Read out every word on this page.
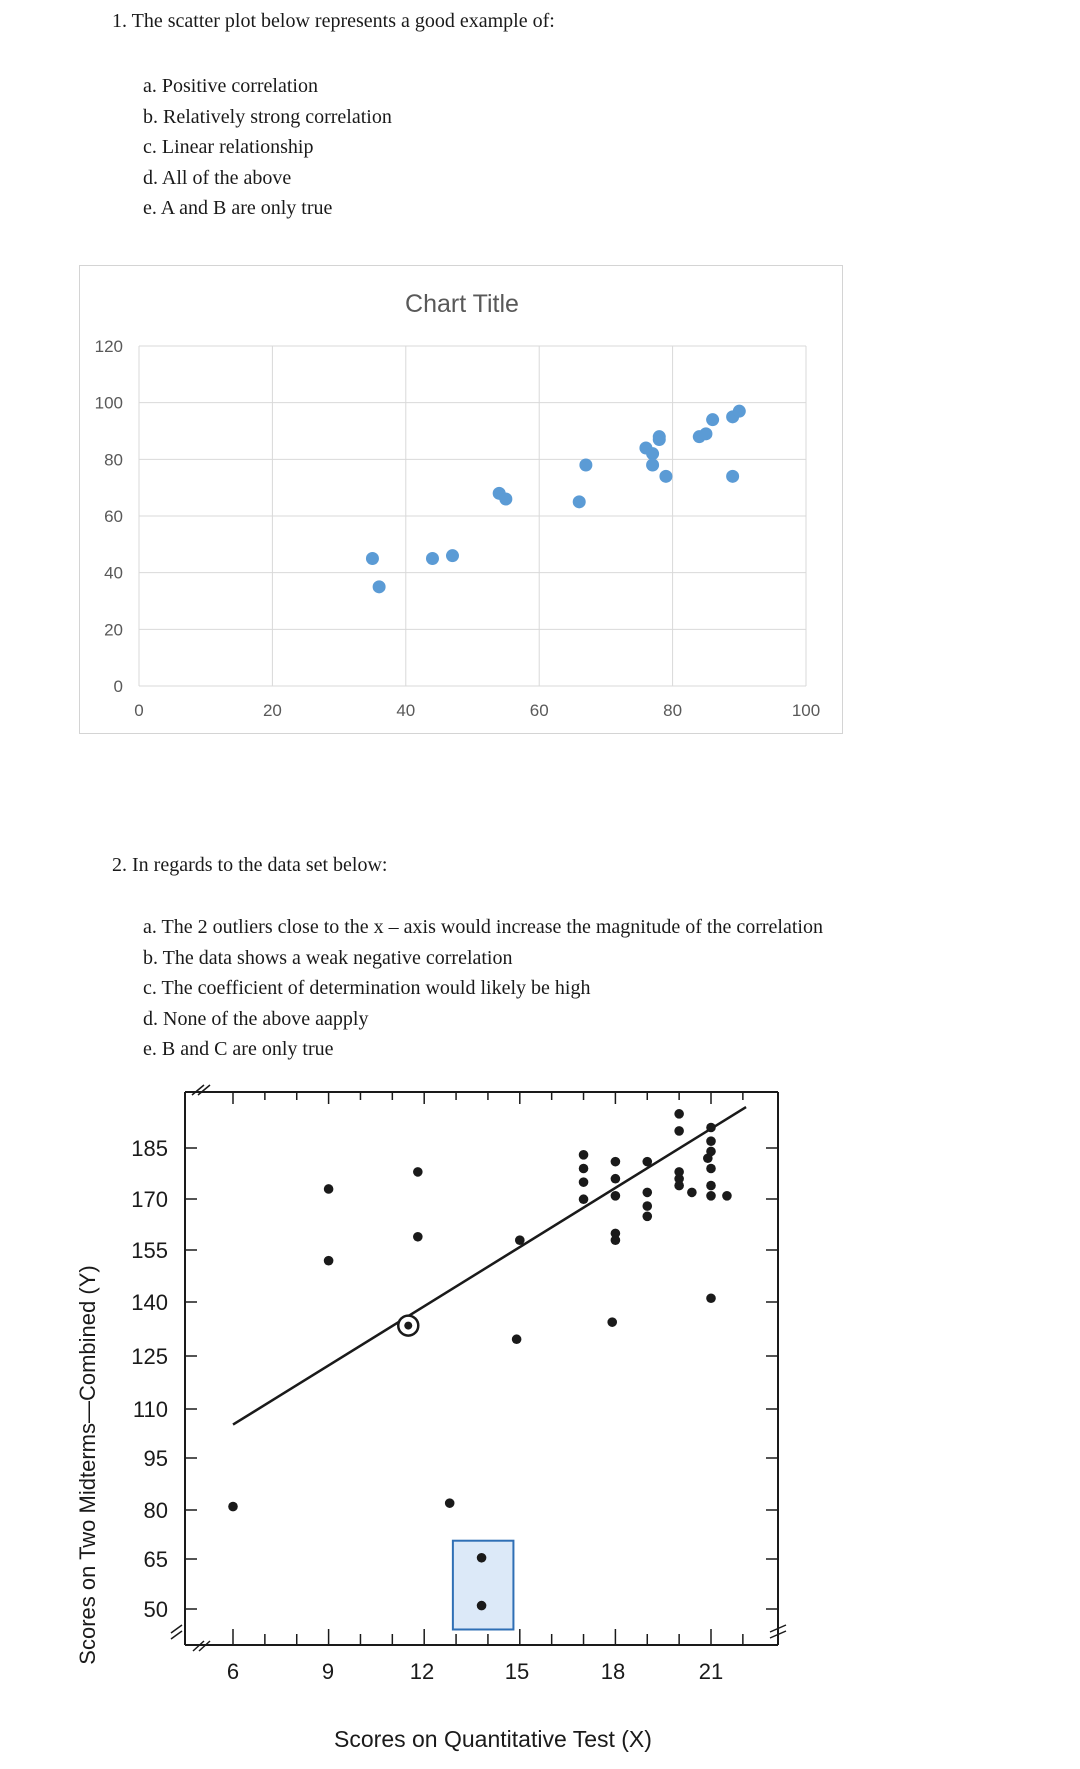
1. The scatter plot below represents a good example of:
a. Positive correlation
b. Relatively strong correlation
c. Linear relationship
d. All of the above
e. A and B are only true
Chart Title
0
20
40
60
80
100
120
0	20	40	60	80	100
2. In regards to the data set below:
a. The 2 outliers close to the x – axis would increase the magnitude of the correlation
b. The data shows a weak negative correlation
c. The coefficient of determination would likely be high
d. None of the above aapply
e. B and C are only true
50
65
80
95
110
125
140
155
170
185
6	9	12	15	18	21
Scores on Quantitative Test (X)
Scores on Two Midterms—Combined (Y)
